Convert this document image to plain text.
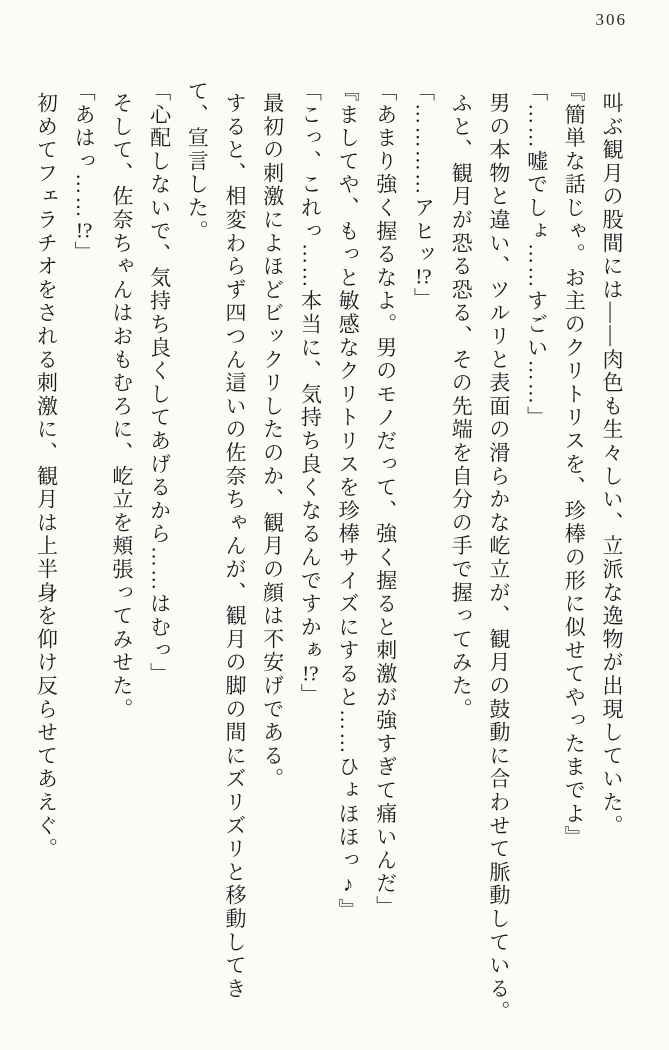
306

叫ぶ観月の股間には――肉色も生々しい、立派な逸物が出現していた。

『簡単な話じゃ。お主のクリトリスを、珍棒の形に似せてやったまでよ』

「……嘘でしょ……すごい……」

男の本物と違い、ツルリと表面の滑らかな屹立が、観月の鼓動に合わせて脈動している。

ふと、観月が恐る恐る、その先端を自分の手で握ってみた。

「…………アヒッ!?」

「あまり強く握るなよ。男のモノだって、強く握ると刺激が強すぎて痛いんだ」

『ましてや、もっと敏感なクリトリスを珍棒サイズにすると……ひょほほっ♪』

「こっ、これっ……本当に、気持ち良くなるんですかぁ!?」

最初の刺激によほどビックリしたのか、観月の顔は不安げである。

すると、相変わらず四つん這いの佐奈ちゃんが、観月の脚の間にズリズリと移動してきて、宣言した。

「心配しないで、気持ち良くしてあげるから……はむっ」

そして、佐奈ちゃんはおもむろに、屹立を頬張ってみせた。

「あはっ……!?」

初めてフェラチオをされる刺激に、観月は上半身を仰け反らせてあえぐ。
